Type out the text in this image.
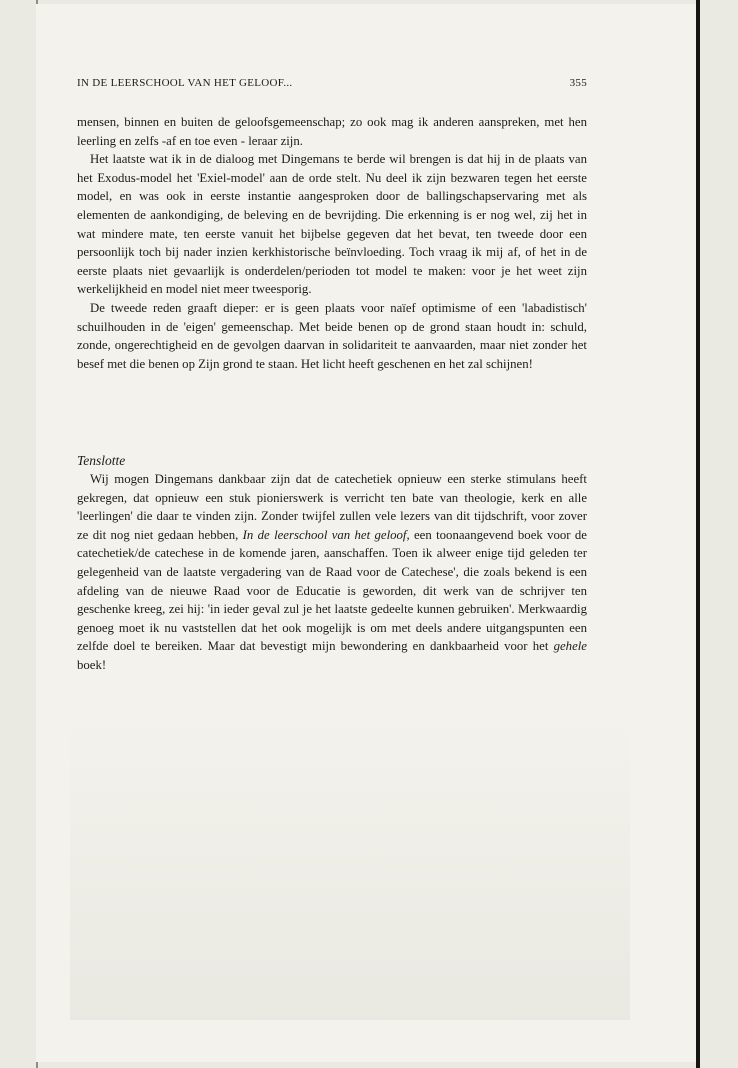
IN DE LEERSCHOOL VAN HET GELOOF...	355

mensen, binnen en buiten de geloofsgemeenschap; zo ook mag ik anderen aanspreken, met hen leerling en zelfs -af en toe even - leraar zijn.

Het laatste wat ik in de dialoog met Dingemans te berde wil brengen is dat hij in de plaats van het Exodus-model het 'Exiel-model' aan de orde stelt. Nu deel ik zijn bezwaren tegen het eerste model, en was ook in eerste instantie aangesproken door de ballingschapservaring met als elementen de aankondiging, de beleving en de bevrijding. Die erkenning is er nog wel, zij het in wat mindere mate, ten eerste vanuit het bijbelse gegeven dat het bevat, ten tweede door een persoonlijk toch bij nader inzien kerkhistorische beïnvloeding. Toch vraag ik mij af, of het in de eerste plaats niet gevaarlijk is onderdelen/perioden tot model te maken: voor je het weet zijn werkelijkheid en model niet meer tweesporig.

De tweede reden graaft dieper: er is geen plaats voor naïef optimisme of een 'labadistisch' schuilhouden in de 'eigen' gemeenschap. Met beide benen op de grond staan houdt in: schuld, zonde, ongerechtigheid en de gevolgen daarvan in solidariteit te aanvaarden, maar niet zonder het besef met die benen op Zijn grond te staan. Het licht heeft geschenen en het zal schijnen!

Tenslotte

Wij mogen Dingemans dankbaar zijn dat de catechetiek opnieuw een sterke stimulans heeft gekregen, dat opnieuw een stuk pionierswerk is verricht ten bate van theologie, kerk en alle 'leerlingen' die daar te vinden zijn. Zonder twijfel zullen vele lezers van dit tijdschrift, voor zover ze dit nog niet gedaan hebben, In de leerschool van het geloof, een toonaangevend boek voor de catechetiek/de catechese in de komende jaren, aanschaffen. Toen ik alweer enige tijd geleden ter gelegenheid van de laatste vergadering van de Raad voor de Catechese', die zoals bekend is een afdeling van de nieuwe Raad voor de Educatie is geworden, dit werk van de schrijver ten geschenke kreeg, zei hij: 'in ieder geval zul je het laatste gedeelte kunnen gebruiken'. Merkwaardig genoeg moet ik nu vaststellen dat het ook mogelijk is om met deels andere uitgangspunten een zelfde doel te bereiken. Maar dat bevestigt mijn bewondering en dankbaarheid voor het gehele boek!
